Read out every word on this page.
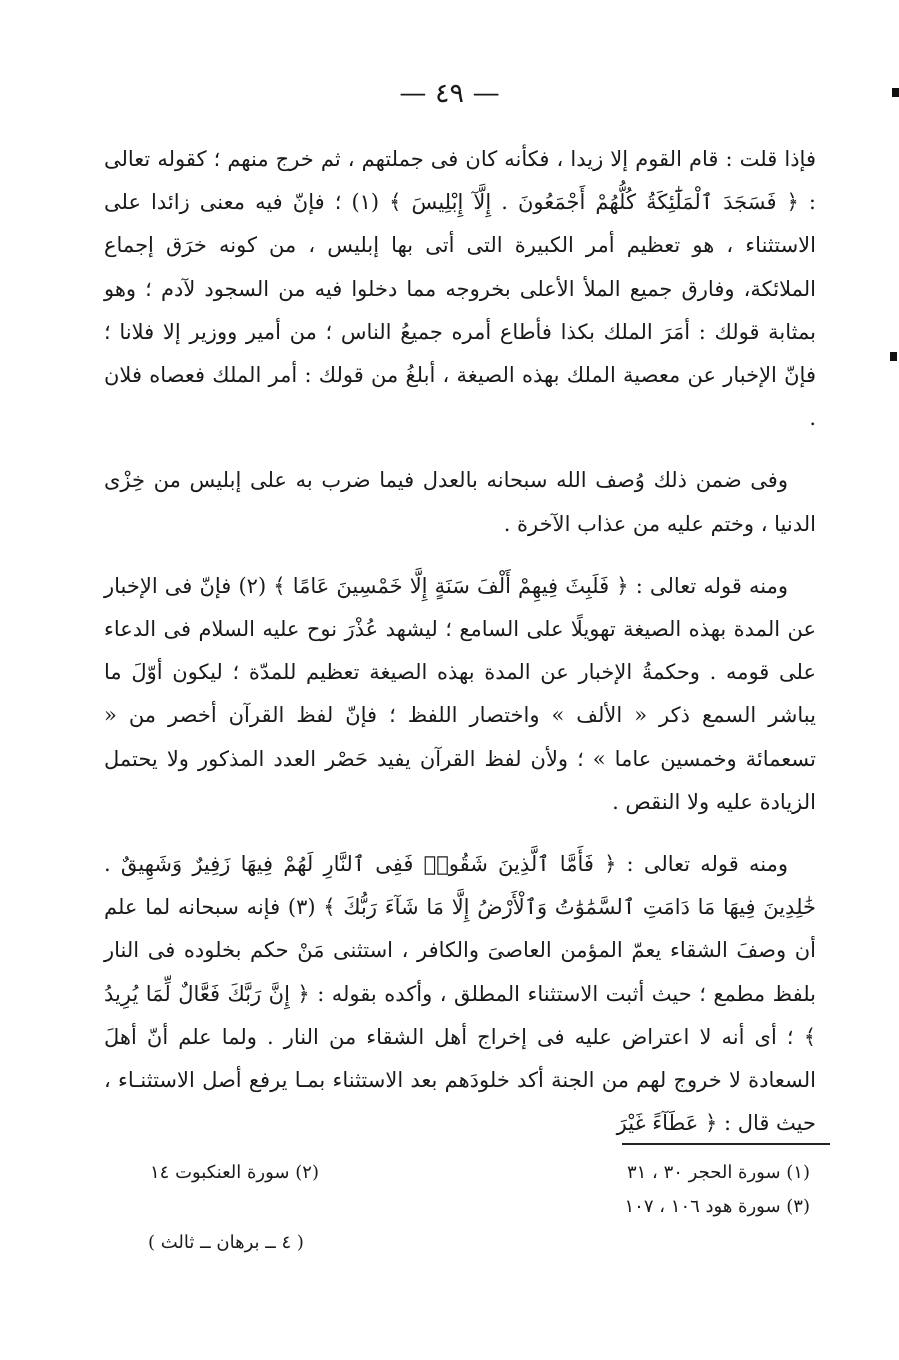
— ٤٩ —

فإذا قلت : قام القوم إلا زيدا ، فكأنه كان فى جملتهم ، ثم خرج منهم ؛ كقوله تعالى : ﴿ فَسَجَدَ ٱلْمَلَٰٓئِكَةُ كُلُّهُمْ أَجْمَعُونَ . إِلَّآ إِبْلِيسَ ﴾ (١) ؛ فإنّ فيه معنى زائدا على الاستثناء ، هو تعظيم أمر الكبيرة التى أتى بها إبليس ، من كونه خرَق إجماع الملائكة، وفارق جميع الملأ الأعلى بخروجه مما دخلوا فيه من السجود لآدم ؛ وهو بمثابة قولك : أمَرَ الملك بكذا فأطاع أمره جميعُ الناس ؛ من أمير ووزير إلا فلانا ؛ فإنّ الإخبار عن معصية الملك بهذه الصيغة ، أبلغُ من قولك : أمر الملك فعصاه فلان .

وفى ضمن ذلك وُصف الله سبحانه بالعدل فيما ضرب به على إبليس من خِزْى الدنيا ، وختم عليه من عذاب الآخرة .

ومنه قوله تعالى : ﴿ فَلَبِثَ فِيهِمْ أَلْفَ سَنَةٍ إِلَّا خَمْسِينَ عَامًا ﴾ (٢) فإنّ فى الإخبار عن المدة بهذه الصيغة تهويلًا على السامع ؛ ليشهد عُذْرَ نوح عليه السلام فى الدعاء على قومه . وحكمةُ الإخبار عن المدة بهذه الصيغة تعظيم للمدّة ؛ ليكون أوّلَ ما يباشر السمع ذكر « الألف » واختصار اللفظ ؛ فإنّ لفظ القرآن أخصر من « تسعمائة وخمسين عاما » ؛ ولأن لفظ القرآن يفيد حَصْر العدد المذكور ولا يحتمل الزيادة عليه ولا النقص .

ومنه قوله تعالى : ﴿ فَأَمَّا ٱلَّذِينَ شَقُوا۟ فَفِى ٱلنَّارِ لَهُمْ فِيهَا زَفِيرٌ وَشَهِيقٌ . خَٰلِدِينَ فِيهَا مَا دَامَتِ ٱلسَّمَٰوَٰتُ وَٱلْأَرْضُ إِلَّا مَا شَآءَ رَبُّكَ ﴾ (٣) فإنه سبحانه لما علم أن وصفَ الشقاء يعمّ المؤمن العاصىَ والكافر ، استثنى مَنْ حكم بخلوده فى النار بلفظ مطمع ؛ حيث أثبت الاستثناء المطلق ، وأكده بقوله : ﴿ إِنَّ رَبَّكَ فَعَّالٌ لِّمَا يُرِيدُ ﴾ ؛ أى أنه لا اعتراض عليه فى إخراج أهل الشقاء من النار . ولما علم أنّ أهلَ السعادة لا خروج لهم من الجنة أكد خلودَهم بعد الاستثناء بمـا يرفع أصل الاستثنـاء ، حيث قال : ﴿ عَطَآءً غَيْرَ

(١) سورة الحجر ٣٠ ، ٣١
(٢) سورة العنكبوت ١٤
(٣) سورة هود ١٠٦ ، ١٠٧
( ٤ ــ برهان ــ ثالث )
